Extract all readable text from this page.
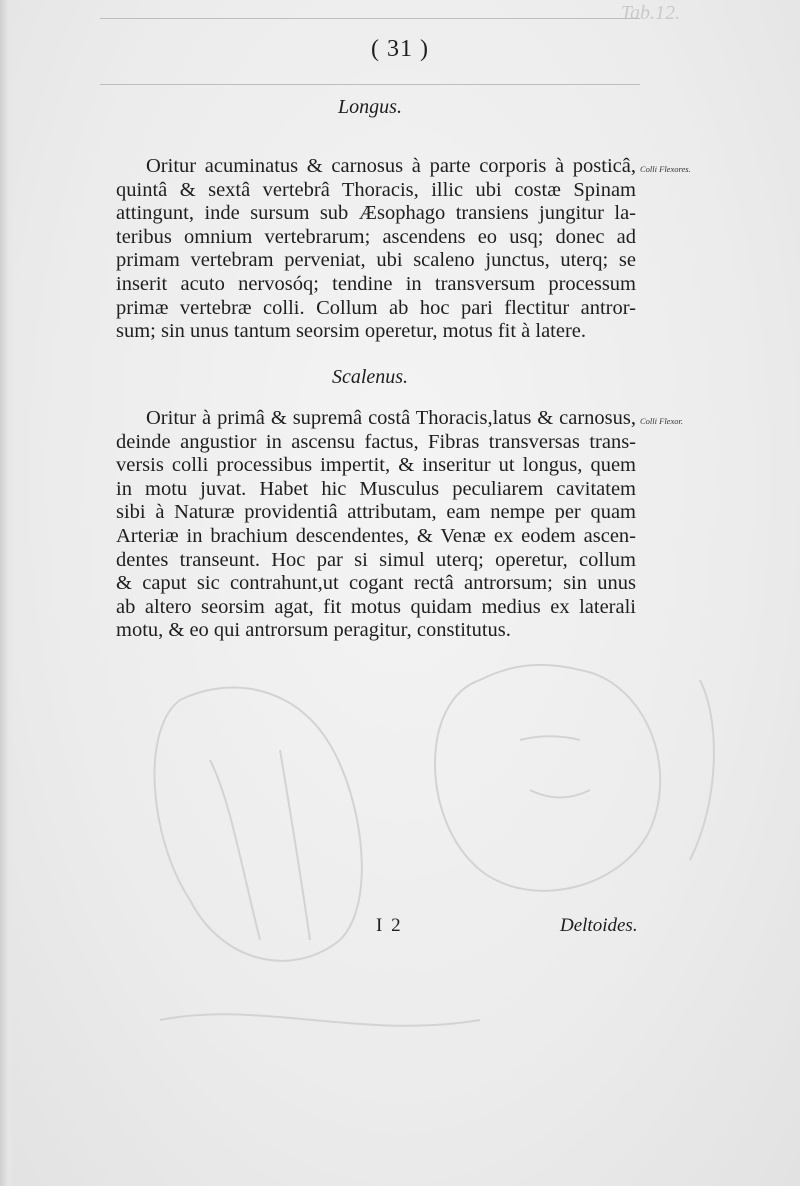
Tab.12.
( 31 )
Longus.
Colli Flexores.
Oritur acuminatus & carnosus à parte corporis à posticâ,
quintâ & sextâ vertebrâ Thoracis, illic ubi costæ Spinam
attingunt, inde sursum sub Æsophago transiens jungitur la-
teribus omnium vertebrarum; ascendens eo usq; donec ad
primam vertebram perveniat, ubi scaleno junctus, uterq; se
inserit acuto nervosóq; tendine in transversum processum
primæ vertebræ colli. Collum ab hoc pari flectitur antror-
sum; sin unus tantum seorsim operetur, motus fit à latere.
Scalenus.
Colli Flexor.
Oritur à primâ & supremâ costâ Thoracis,latus & carnosus,
deinde angustior in ascensu factus, Fibras transversas trans-
versis colli processibus impertit, & inseritur ut longus, quem
in motu juvat. Habet hic Musculus peculiarem cavitatem
sibi à Naturæ providentiâ attributam, eam nempe per quam
Arteriæ in brachium descendentes, & Venæ ex eodem ascen-
dentes transeunt. Hoc par si simul uterq; operetur, collum
& caput sic contrahunt,ut cogant rectâ antrorsum; sin unus
ab altero seorsim agat, fit motus quidam medius ex laterali
motu, & eo qui antrorsum peragitur, constitutus.
I 2	Deltoides.
